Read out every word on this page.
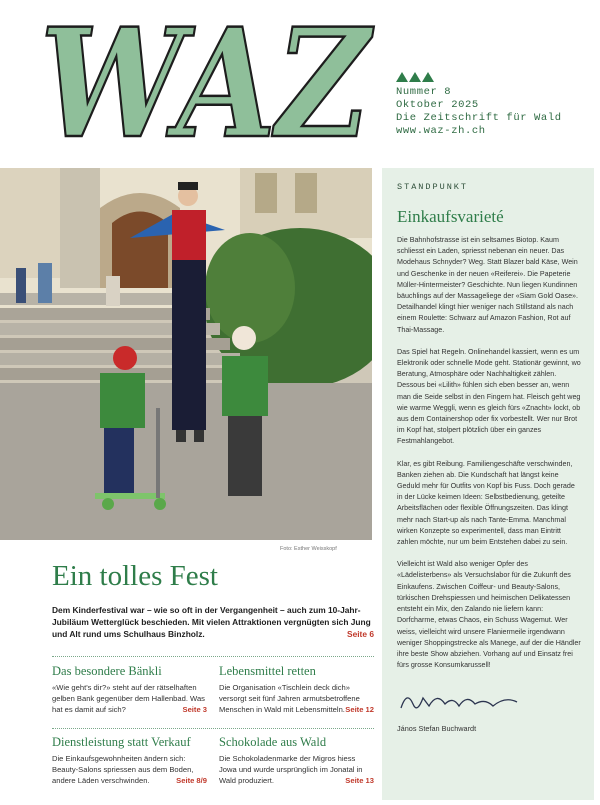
WAZ Nummer 8
Oktober 2025
Die Zeitschrift für Wald
www.waz-zh.ch
Foto: Esther Weisskopf
Ein tolles Fest

Dem Kinderfestival war – wie so oft in der Vergangenheit – auch zum 10-Jahr-Jubiläum Wetterglück beschieden. Mit vielen Attraktionen vergnügten sich Jung und Alt rund ums Schulhaus Binzholz.	Seite 6

Das besondere Bänkli

«Wie geht's dir?» steht auf der rätselhaften gelben Bank gegenüber dem Hallenbad. Was hat es damit auf sich?	Seite 3

Lebensmittel retten

Die Organisation «Tischlein deck dich» versorgt seit fünf Jahren armutsbetroffene Menschen in Wald mit Lebensmitteln. Seite 12

Dienstleistung statt Verkauf

Die Einkaufsgewohnheiten ändern sich: Beauty-Salons spriessen aus dem Boden, andere Läden verschwinden.	Seite 8/9

Schokolade aus Wald

Die Schokoladenmarke der Migros hiess Jowa und wurde ursprünglich im Jonatal in Wald produziert.	Seite 13

STANDPUNKT
Einkaufsvarieté

Die Bahnhofstrasse ist ein seltsames Biotop. Kaum schliesst ein Laden, spriesst nebenan ein neuer. Das Modehaus Schnyder? Weg. Statt Blazer bald Käse, Wein und Geschenke in der neuen «Reiferei». Die Papeterie Müller-Hintermeister? Geschichte. Nun liegen Kundinnen bäuchlings auf der Massageliege der «Siam Gold Oase». Detailhandel klingt hier weniger nach Stillstand als nach einem Roulette: Schwarz auf Amazon Fashion, Rot auf Thai-Massage.

Das Spiel hat Regeln. Onlinehandel kassiert, wenn es um Elektronik oder schnelle Mode geht. Stationär gewinnt, wo Beratung, Atmosphäre oder Nachhaltigkeit zählen. Dessous bei «Lilith» fühlen sich eben besser an, wenn man die Seide selbst in den Fingern hat. Fleisch geht weg wie warme Weggli, wenn es gleich fürs «Znacht» lockt, ob aus dem Containershop oder fix vorbestellt. Wer nur Brot im Kopf hat, stolpert plötzlich über ein ganzes Festmahlangebot.

Klar, es gibt Reibung. Familiengeschäfte verschwinden, Banken ziehen ab. Die Kundschaft hat längst keine Geduld mehr für Outfits von Kopf bis Fuss. Doch gerade in der Lücke keimen Ideen: Selbstbedienung, geteilte Arbeitsflächen oder flexible Öffnungszeiten. Das klingt mehr nach Start-up als nach Tante-Emma. Manchmal wirken Konzepte so experimentell, dass man Eintritt zahlen möchte, nur um beim Entstehen dabei zu sein.

Vielleicht ist Wald also weniger Opfer des «Lädelisterbens» als Versuchslabor für die Zukunft des Einkaufens. Zwischen Coiffeur- und Beauty-Salons, türkischen Drehspiessen und heimischen Delikatessen entsteht ein Mix, den Zalando nie liefern kann: Dorfcharme, etwas Chaos, ein Schuss Wagemut. Wer weiss, vielleicht wird unsere Flaniermeile irgendwann weniger Shoppingstrecke als Manege, auf der die Händler ihre beste Show abziehen. Vorhang auf und Einsatz frei fürs grosse Konsumkarussell!

János Stefan Buchwardt
